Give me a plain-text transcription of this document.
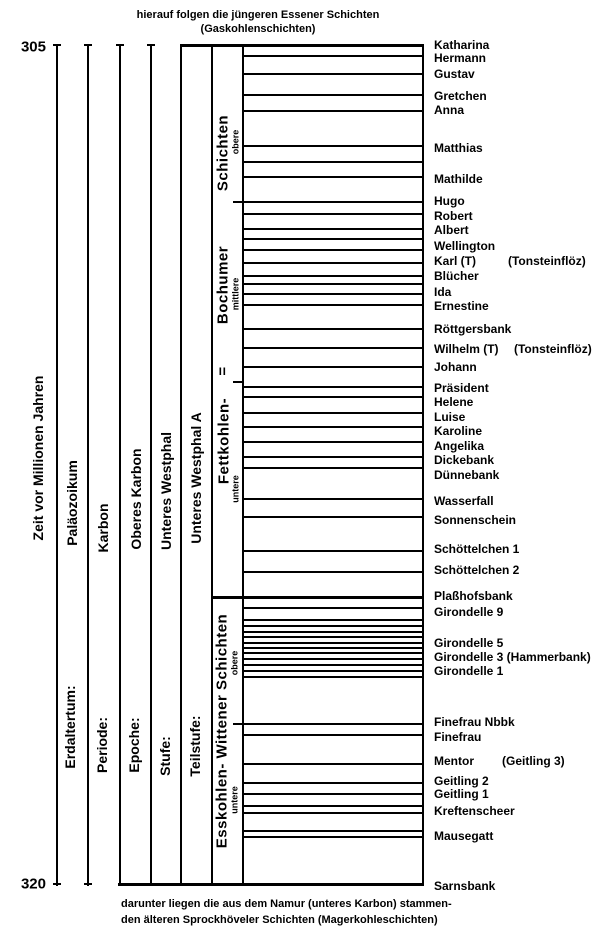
hierauf folgen die jüngeren Essener Schichten
(Gaskohlenschichten)
305
320
Zeit vor Millionen Jahren
darunter liegen die aus dem Namur (unteres Karbon) stammen-
den älteren Sprockhöveler Schichten (Magerkohleschichten)
Katharina
Hermann
Gustav
Gretchen
Anna
Matthias
Mathilde
Hugo
Robert
Albert
Wellington
Karl (T)	(Tonsteinflöz)
Blücher
Ida
Ernestine
Röttgersbank
Wilhelm (T) (Tonsteinflöz)
Johann
Präsident
Helene
Luise
Karoline
Angelika
Dickebank
Dünnebank
Wasserfall
Sonnenschein
Schöttelchen 1
Schöttelchen 2
Plaßhofsbank
Girondelle 9
Girondelle 5
Girondelle 3 (Hammerbank)
Girondelle 1
Finefrau Nbbk
Finefrau
Mentor (Geitling 3)
Geitling 2
Geitling 1
Kreftenscheer
Mausegatt
Sarnsbank
Erdaltertum:
Paläozoikum
Periode:
Karbon
Epoche:
Oberes Karbon
Stufe:
Unteres Westphal
Teilstufe:
Unteres Westphal A
Schichten
Bochumer
=
Fettkohlen-
obere
mittlere
untere
Esskohlen- Wittener Schichten obere
untere
